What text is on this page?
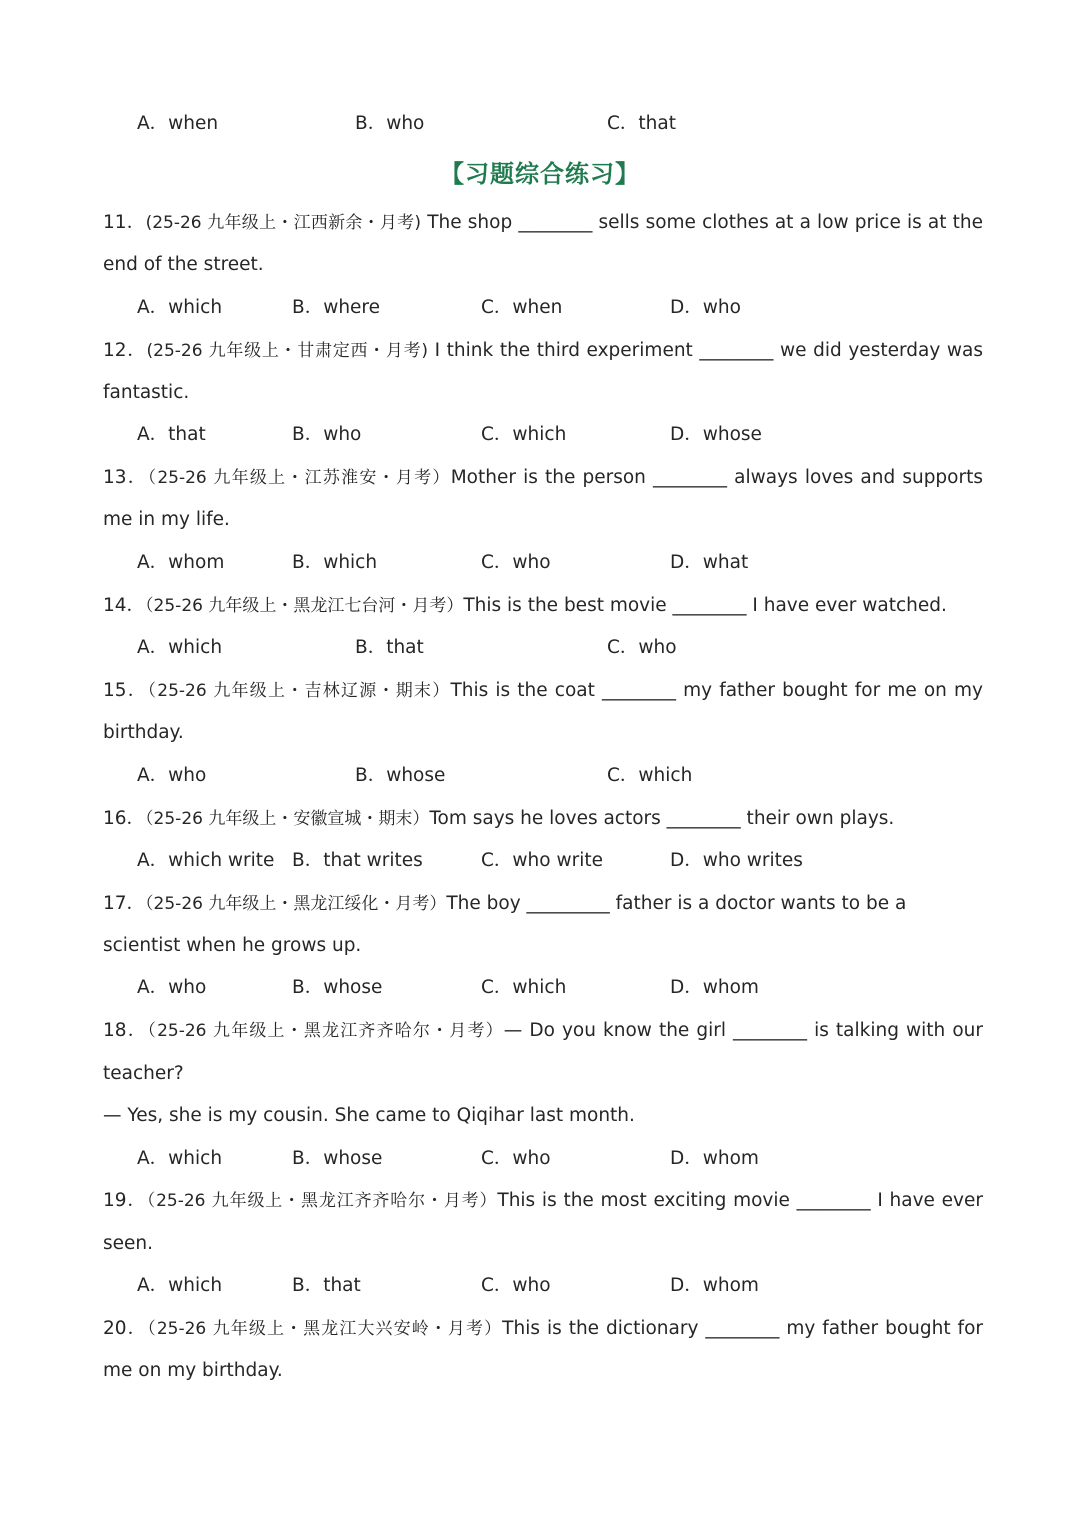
A．when	B．who	C．that
【习题综合练习】
11．(25-26 九年级上・江西新余・月考) The shop ________ sells some clothes at a low price is at the
end of the street.
A．which	B．where	C．when	D．who
12．(25-26 九年级上・甘肃定西・月考) I think the third experiment ________ we did yesterday was
fantastic.
A．that	B．who	C．which	D．whose
13．（25-26 九年级上・江苏淮安・月考）Mother is the person ________ always loves and supports
me in my life.
A．whom	B．which	C．who	D．what
14．（25-26 九年级上・黑龙江七台河・月考）This is the best movie ________ I have ever watched.
A．which	B．that	C．who
15．（25-26 九年级上・吉林辽源・期末）This is the coat ________ my father bought for me on my
birthday.
A．who	B．whose	C．which
16．（25-26 九年级上・安徽宣城・期末）Tom says he loves actors ________ their own plays.
A．which write B．that writes	C．who write	D．who writes
17．（25-26 九年级上・黑龙江绥化・月考）The boy _________ father is a doctor wants to be a
scientist when he grows up.
A．who	B．whose	C．which	D．whom
18．（25-26 九年级上・黑龙江齐齐哈尔・月考）— Do you know the girl ________ is talking with our
teacher?
— Yes, she is my cousin. She came to Qiqihar last month.
A．which	B．whose	C．who	D．whom
19．（25-26 九年级上・黑龙江齐齐哈尔・月考）This is the most exciting movie ________ I have ever
seen.
A．which	B．that	C．who	D．whom
20．（25-26 九年级上・黑龙江大兴安岭・月考）This is the dictionary ________ my father bought for
me on my birthday.
